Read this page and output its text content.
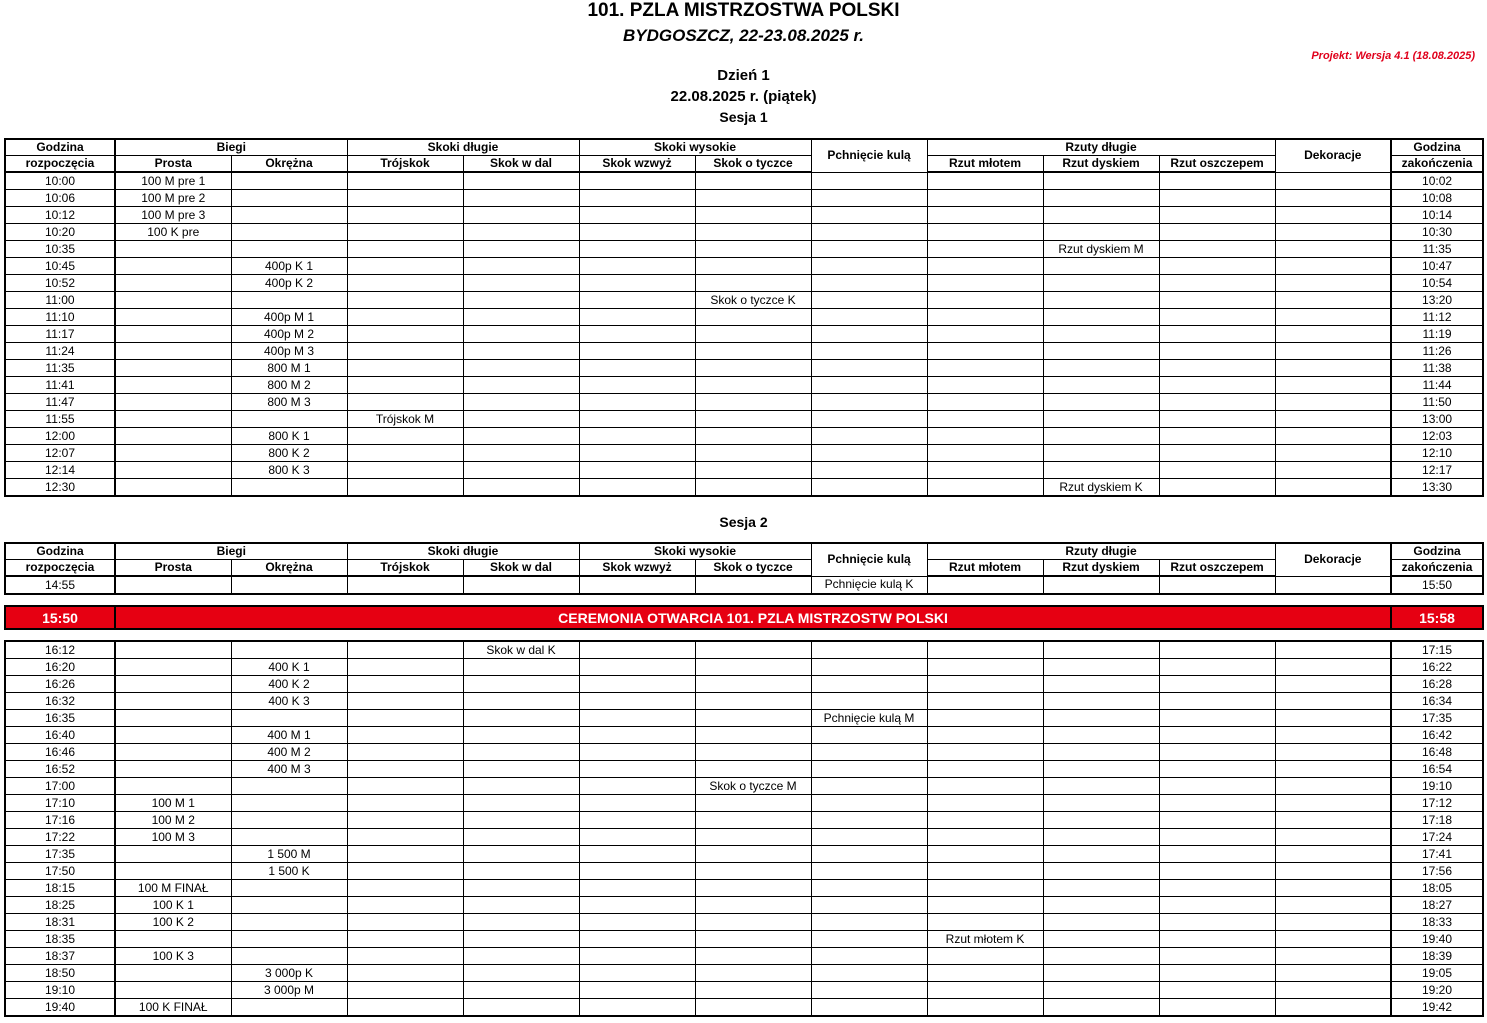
101. PZLA MISTRZOSTWA POLSKI
BYDGOSZCZ, 22-23.08.2025 r.
Projekt: Wersja 4.1 (18.08.2025)
Dzień 1
22.08.2025 r. (piątek)
Sesja 1
Sesja 2
Godzina	Biegi		Skoki długie		Skoki wysokie		Pchnięcie kulą	Rzuty długie			Dekoracje	Godzina
rozpoczęcia	Prosta	Okrężna	Trójskok	Skok w dal	Skok wzwyż	Skok o tyczce		Rzut młotem	Rzut dyskiem	Rzut oszczepem		zakończenia
10:00	100 M pre 1											10:02
10:06	100 M pre 2											10:08
10:12	100 M pre 3											10:14
10:20	100 K pre											10:30
10:35									Rzut dyskiem M			11:35
10:45		400p K 1										10:47
10:52		400p K 2										10:54
11:00						Skok o tyczce K						13:20
11:10		400p M 1										11:12
11:17		400p M 2										11:19
11:24		400p M 3										11:26
11:35		800 M 1										11:38
11:41		800 M 2										11:44
11:47		800 M 3										11:50
11:55			Trójskok M									13:00
12:00		800 K 1										12:03
12:07		800 K 2										12:10
12:14		800 K 3										12:17
12:30									Rzut dyskiem K			13:30
Godzina	Biegi		Skoki długie		Skoki wysokie		Pchnięcie kulą	Rzuty długie			Dekoracje	Godzina
rozpoczęcia	Prosta	Okrężna	Trójskok	Skok w dal	Skok wzwyż	Skok o tyczce		Rzut młotem	Rzut dyskiem	Rzut oszczepem		zakończenia
14:55							Pchnięcie kulą K					15:50
15:50	CEREMONIA OTWARCIA 101. PZLA MISTRZOSTW POLSKI	15:58
16:12				Skok w dal K								17:15
16:20		400 K 1										16:22
16:26		400 K 2										16:28
16:32		400 K 3										16:34
16:35							Pchnięcie kulą M					17:35
16:40		400 M 1										16:42
16:46		400 M 2										16:48
16:52		400 M 3										16:54
17:00						Skok o tyczce M						19:10
17:10	100 M 1											17:12
17:16	100 M 2											17:18
17:22	100 M 3											17:24
17:35		1 500 M										17:41
17:50		1 500 K										17:56
18:15	100 M FINAŁ											18:05
18:25	100 K 1											18:27
18:31	100 K 2											18:33
18:35								Rzut młotem K				19:40
18:37	100 K 3											18:39
18:50		3 000p K										19:05
19:10		3 000p M										19:20
19:40	100 K FINAŁ											19:42
